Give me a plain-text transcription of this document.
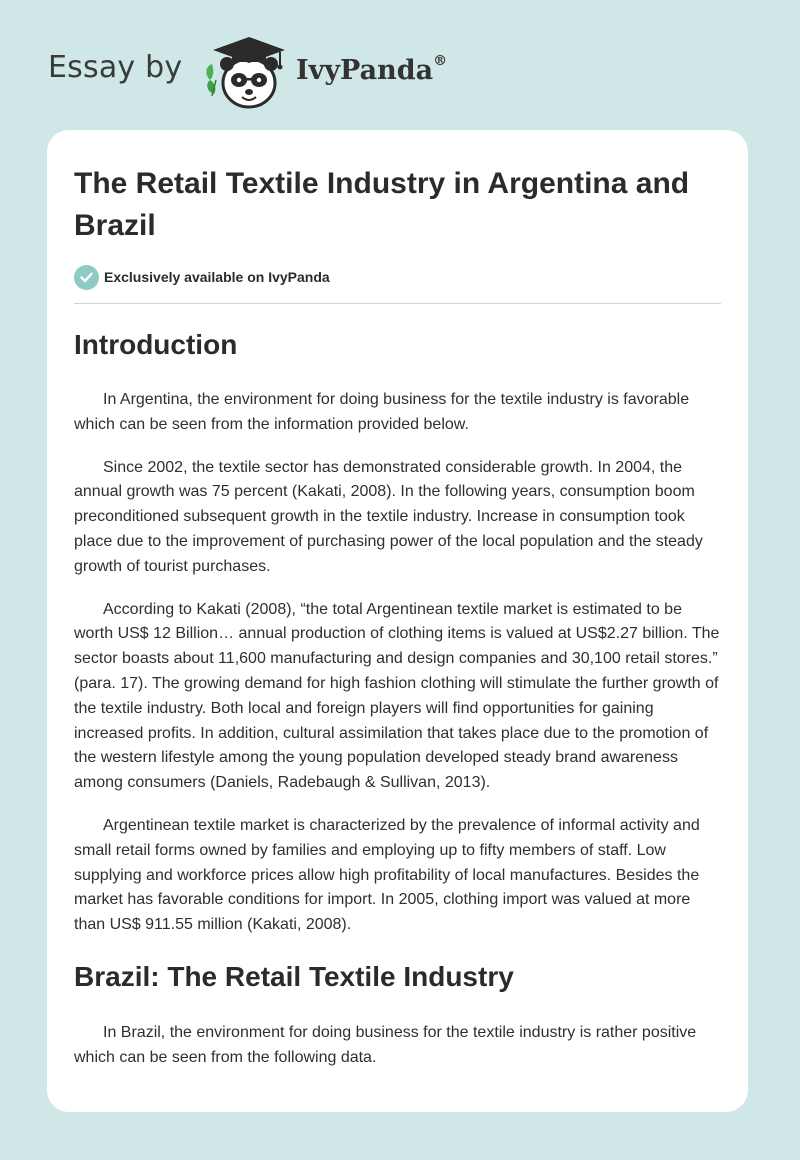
Essay by	IvyPanda®
The Retail Textile Industry in Argentina and Brazil
Exclusively available on IvyPanda
Introduction

In Argentina, the environment for doing business for the textile industry is favorable which can be seen from the information provided below.

Since 2002, the textile sector has demonstrated considerable growth. In 2004, the annual growth was 75 percent (Kakati, 2008). In the following years, consumption boom preconditioned subsequent growth in the textile industry. Increase in consumption took place due to the improvement of purchasing power of the local population and the steady growth of tourist purchases.

According to Kakati (2008), “the total Argentinean textile market is estimated to be worth US$ 12 Billion… annual production of clothing items is valued at US$2.27 billion. The sector boasts about 11,600 manufacturing and design companies and 30,100 retail stores.” (para. 17). The growing demand for high fashion clothing will stimulate the further growth of the textile industry. Both local and foreign players will find opportunities for gaining increased profits. In addition, cultural assimilation that takes place due to the promotion of the western lifestyle among the young population developed steady brand awareness among consumers (Daniels, Radebaugh & Sullivan, 2013).

Argentinean textile market is characterized by the prevalence of informal activity and small retail forms owned by families and employing up to fifty members of staff. Low supplying and workforce prices allow high profitability of local manufactures. Besides the market has favorable conditions for import. In 2005, clothing import was valued at more than US$ 911.55 million (Kakati, 2008).

Brazil: The Retail Textile Industry

In Brazil, the environment for doing business for the textile industry is rather positive which can be seen from the following data.
